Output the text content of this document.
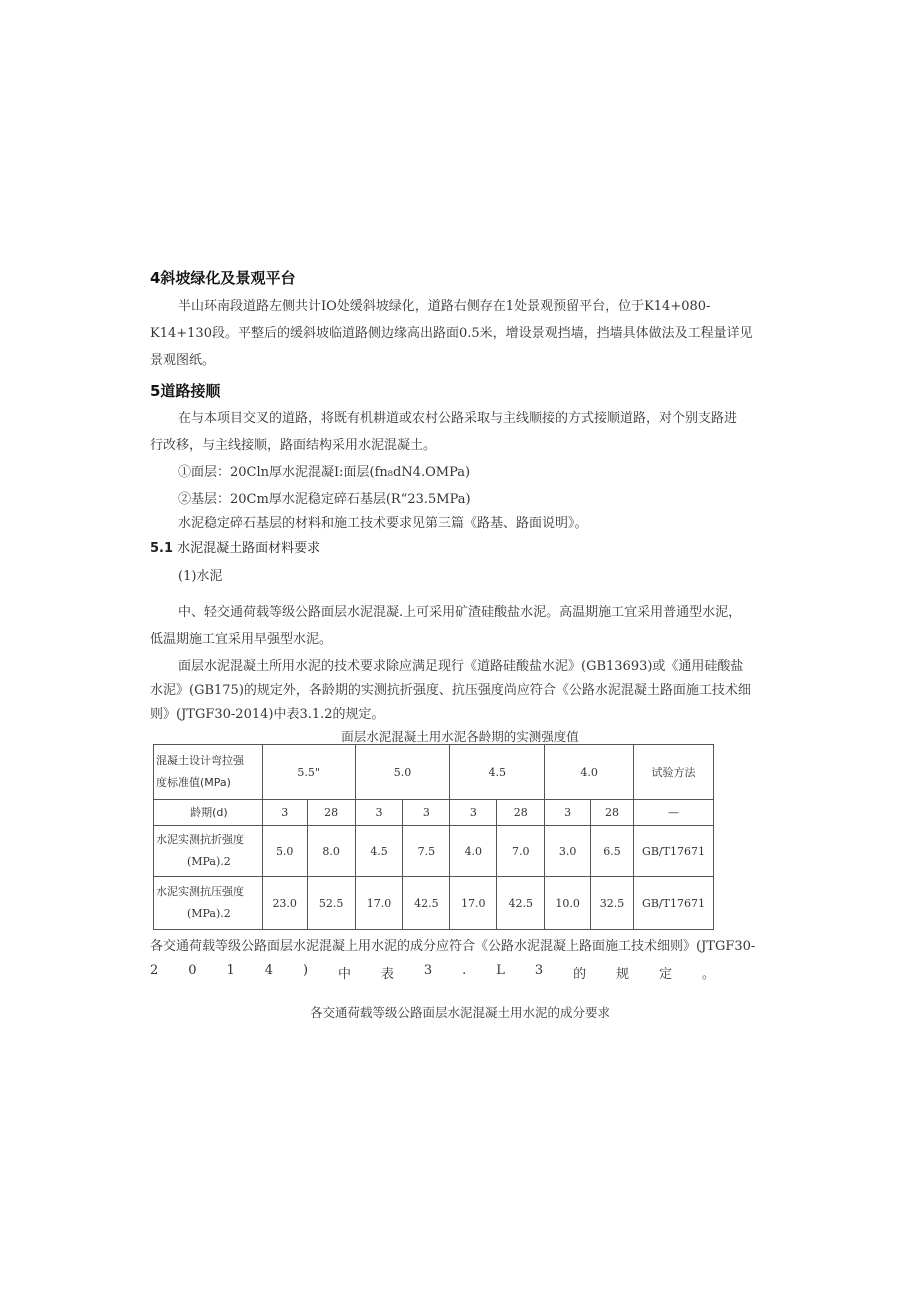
4斜坡绿化及景观平台
半山环南段道路左侧共计IO处缓斜坡绿化，道路右侧存在1处景观预留平台，位于K14+080-
K14+130段。平整后的缓斜坡临道路侧边缘高出路面0.5米，增设景观挡墙，挡墙具体做法及工程量详见
景观图纸。
5道路接顺
在与本项目交叉的道路，将既有机耕道或农村公路采取与主线顺接的方式接顺道路，对个别支路进
行改移，与主线接顺，路面结构采用水泥混凝土。
①面层：20Cln厚水泥混凝I:面层(fn₈dN4.OMPa)
②基层：20Cm厚水泥稳定碎石基层(R“23.5MPa)
水泥稳定碎石基层的材料和施工技术要求见第三篇《路基、路面说明》。
5.1 水泥混凝土路面材料要求
(1)水泥
中、轻交通荷载等级公路面层水泥混凝.上可采用矿渣硅酸盐水泥。高温期施工宜采用普通型水泥，
低温期施工宜采用早强型水泥。
面层水泥混凝土所用水泥的技术要求除应满足现行《道路硅酸盐水泥》(GB13693)或《通用硅酸盐
水泥》(GB175)的规定外，各龄期的实测抗折强度、抗压强度尚应符合《公路水泥混凝土路面施工技术细
则》(JTGF30-2014)中表3.1.2的规定。
面层水泥混凝土用水泥各龄期的实测强度值
混凝土设计弯拉强
度标准值(MPa)	5.5"		5.0		4.5		4.0		试验方法
龄期(d)	3	28	3	3	3	28	3	28	—

水泥实测抗折强度
(MPa).2	5.0	8.0	4.5	7.5	4.0	7.0	3.0	6.5	GB/T17671

水泥实测抗压强度
(MPa).2	23.0	52.5	17.0	42.5	17.0	42.5	10.0	32.5	GB/T17671
各交通荷载等级公路面层水泥混凝上用水泥的成分应符合《公路水泥混凝上路面施工技术细则》(JTGF30-
2 0 1 4 ) 中 表 3 . L 3 的 规 定 。
各交通荷载等级公路面层水泥混凝土用水泥的成分要求
